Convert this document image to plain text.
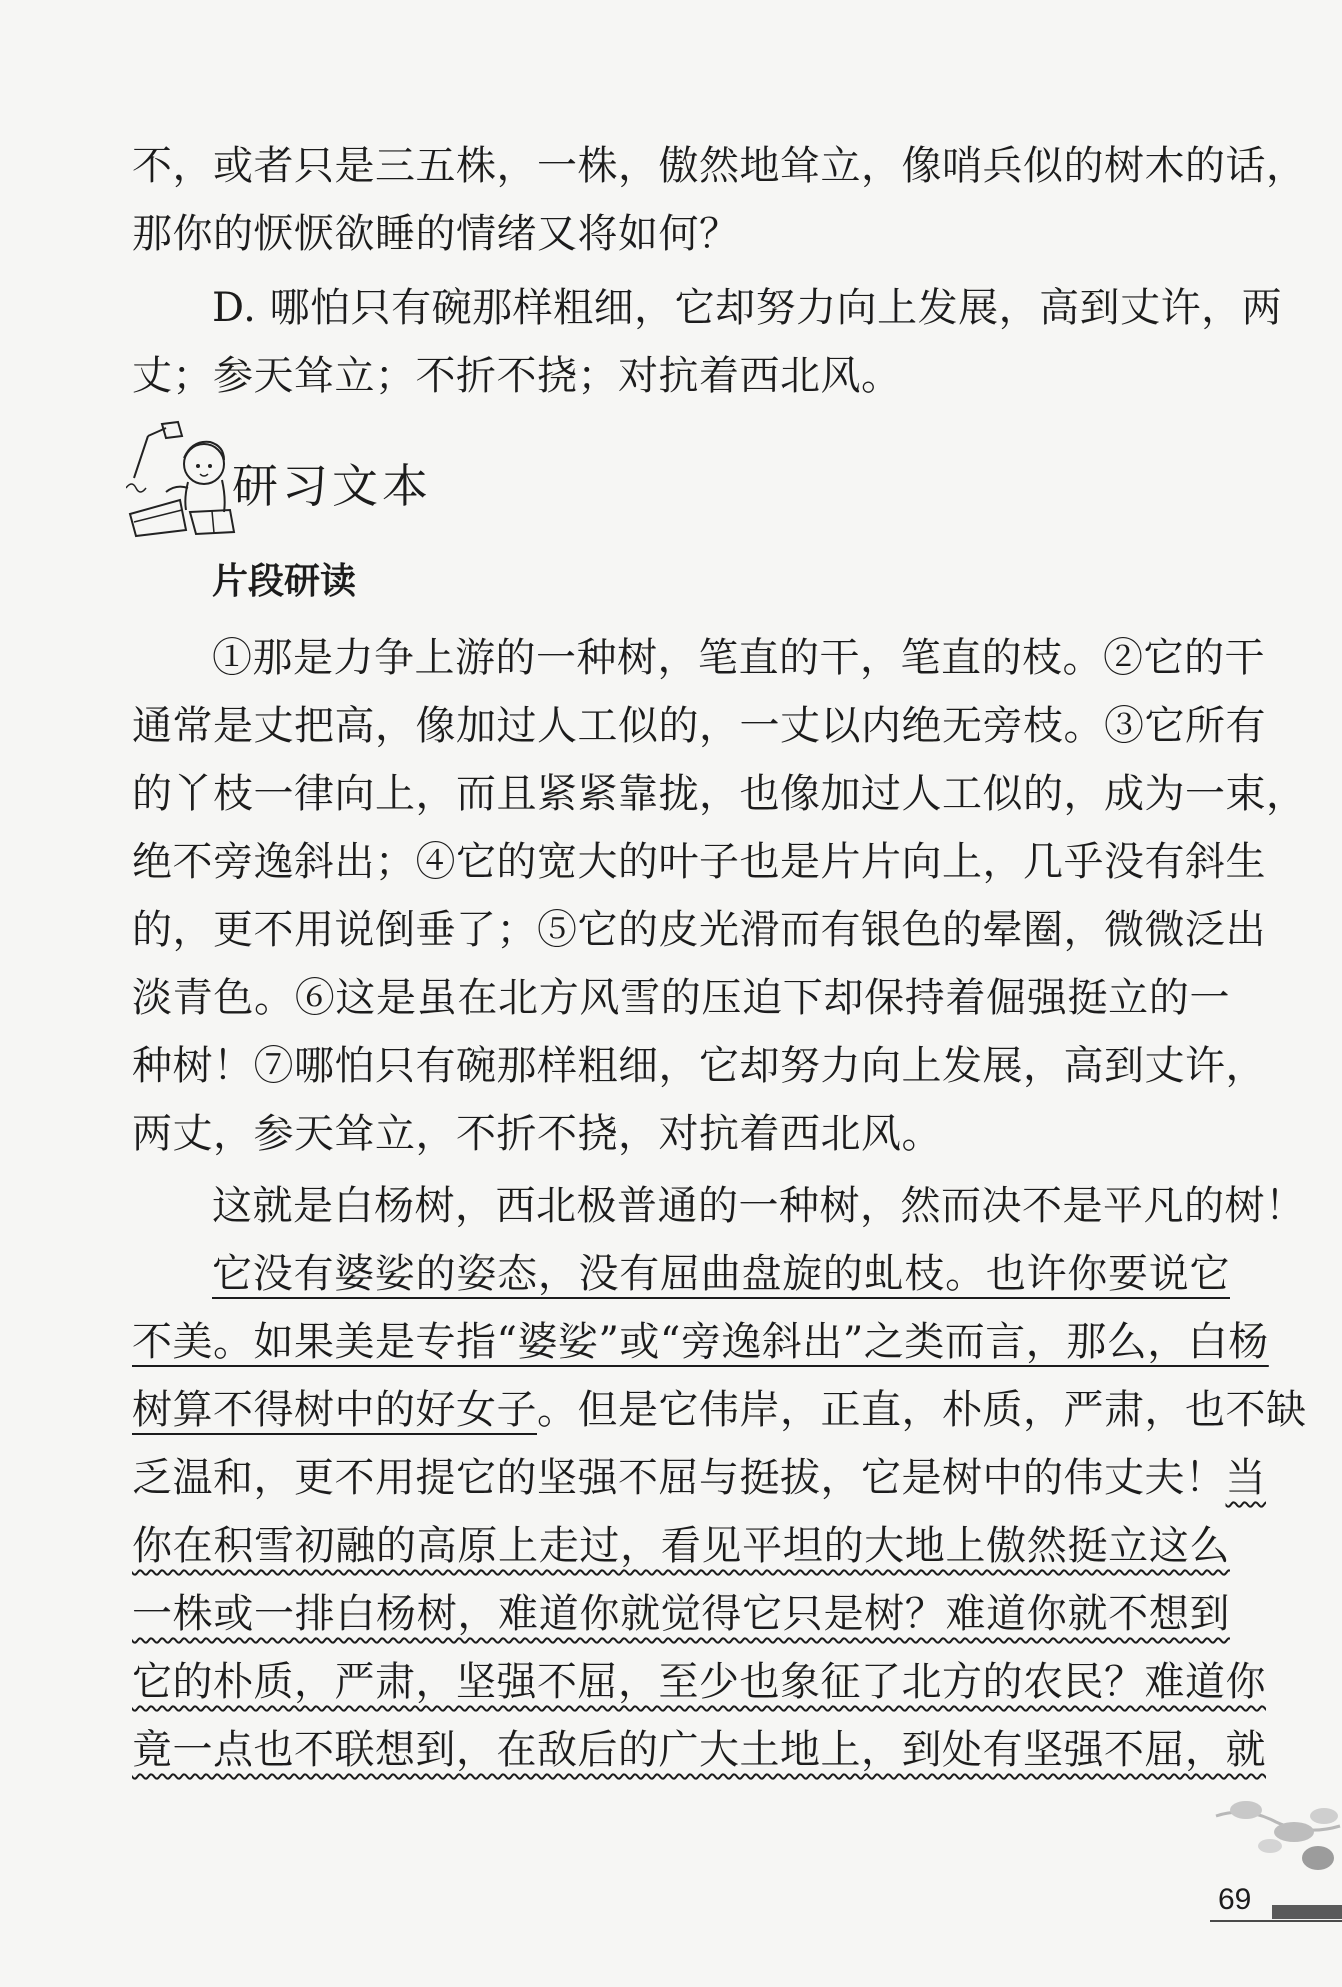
不，或者只是三五株，一株，傲然地耸立，像哨兵似的树木的话，
那你的恹恹欲睡的情绪又将如何？
D. 哪怕只有碗那样粗细，它却努力向上发展，高到丈许，两
丈；参天耸立；不折不挠；对抗着西北风。
研习文本
片段研读
①那是力争上游的一种树，笔直的干，笔直的枝。②它的干
通常是丈把高，像加过人工似的，一丈以内绝无旁枝。③它所有
的丫枝一律向上，而且紧紧靠拢，也像加过人工似的，成为一束，
绝不旁逸斜出；④它的宽大的叶子也是片片向上，几乎没有斜生
的，更不用说倒垂了；⑤它的皮光滑而有银色的晕圈，微微泛出
淡青色。⑥这是虽在北方风雪的压迫下却保持着倔强挺立的一
种树！⑦哪怕只有碗那样粗细，它却努力向上发展，高到丈许，
两丈，参天耸立，不折不挠，对抗着西北风。
这就是白杨树，西北极普通的一种树，然而决不是平凡的树！
它没有婆娑的姿态，没有屈曲盘旋的虬枝。也许你要说它
不美。如果美是专指“婆娑”或“旁逸斜出”之类而言，那么，白杨
树算不得树中的好女子。但是它伟岸，正直，朴质，严肃，也不缺
乏温和，更不用提它的坚强不屈与挺拔，它是树中的伟丈夫！当
你在积雪初融的高原上走过，看见平坦的大地上傲然挺立这么
一株或一排白杨树，难道你就觉得它只是树？难道你就不想到
它的朴质，严肃，坚强不屈，至少也象征了北方的农民？难道你
竟一点也不联想到，在敌后的广大土地上，到处有坚强不屈，就
69
